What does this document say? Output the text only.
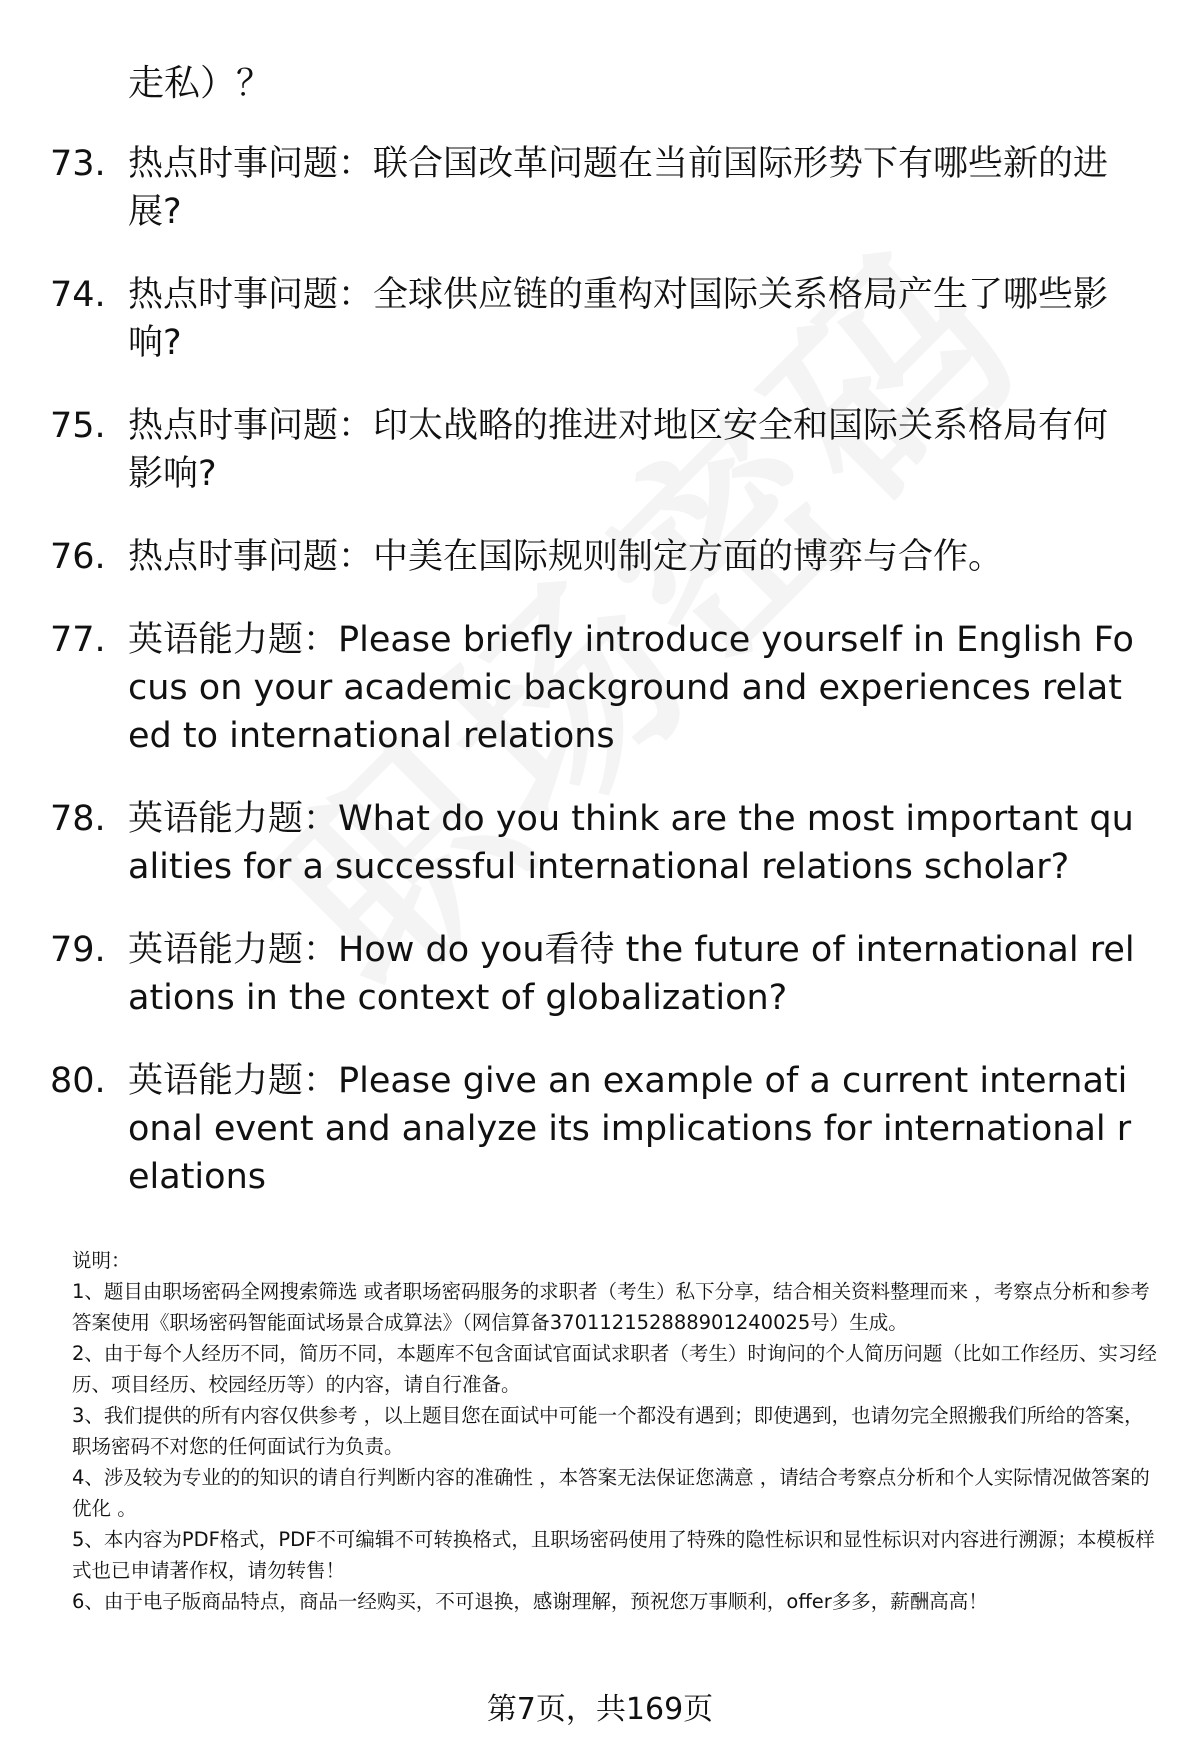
走私）？

73. 热点时事问题：联合国改革问题在当前国际形势下有哪些新的进展?
74. 热点时事问题：全球供应链的重构对国际关系格局产生了哪些影响?
75. 热点时事问题：印太战略的推进对地区安全和国际关系格局有何影响?
76. 热点时事问题：中美在国际规则制定方面的博弈与合作。
77. 英语能力题：Please briefly introduce yourself in English Focus on your academic background and experiences related to international relations
78. 英语能力题：What do you think are the most important qualities for a successful international relations scholar?
79. 英语能力题：How do you看待 the future of international relations in the context of globalization?
80. 英语能力题：Please give an example of a current international event and analyze its implications for international relations

说明：

1、题目由职场密码全网搜索筛选 或者职场密码服务的求职者（考生）私下分享，结合相关资料整理而来 ，考察点分析和参考答案使用《职场密码智能面试场景合成算法》（网信算备370112152888901240025号）生成。

2、由于每个人经历不同，简历不同，本题库不包含面试官面试求职者（考生）时询问的个人简历问题（比如工作经历、实习经历、项目经历、校园经历等）的内容，请自行准备。

3、我们提供的所有内容仅供参考 ，以上题目您在面试中可能一个都没有遇到；即使遇到，也请勿完全照搬我们所给的答案，职场密码不对您的任何面试行为负责。

4、涉及较为专业的的知识的请自行判断内容的准确性 ，本答案无法保证您满意 ，请结合考察点分析和个人实际情况做答案的优化 。

5、本内容为PDF格式，PDF不可编辑不可转换格式，且职场密码使用了特殊的隐性标识和显性标识对内容进行溯源；本模板样式也已申请著作权，请勿转售！

6、由于电子版商品特点，商品一经购买，不可退换，感谢理解，预祝您万事顺利，offer多多，薪酬高高！

第7页，共169页
